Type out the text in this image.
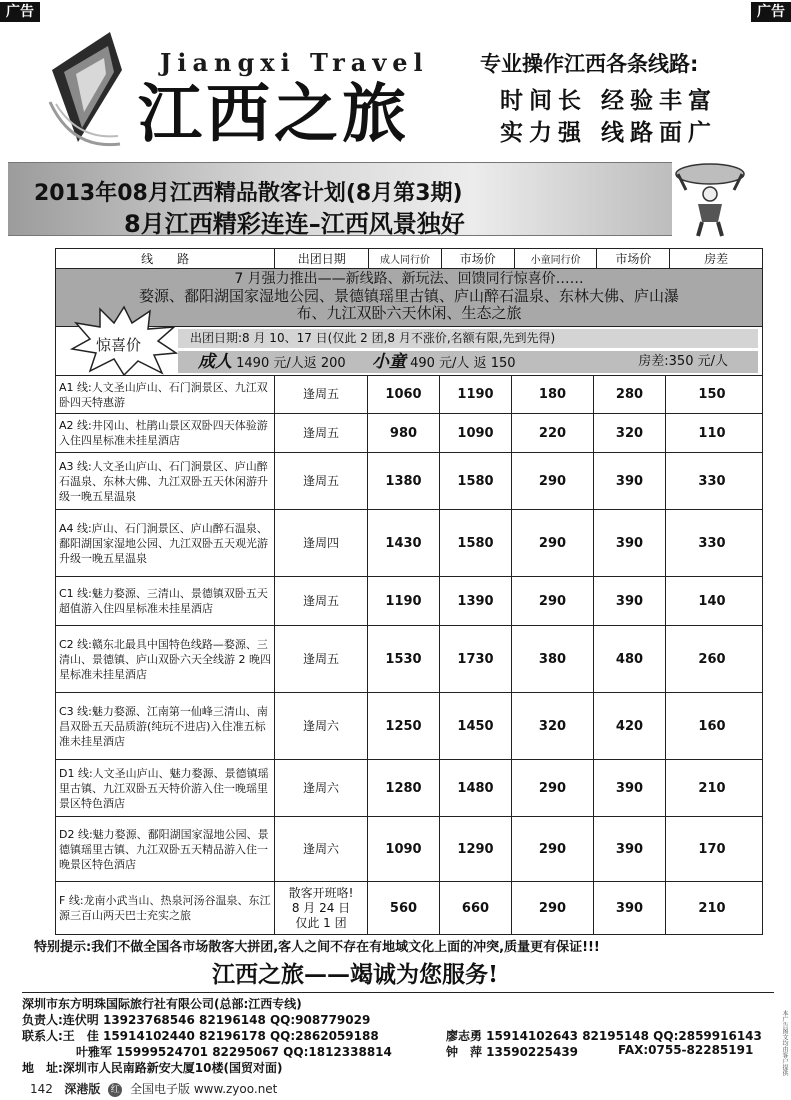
广告	广告
Jiangxi Travel
江西之旅
专业操作江西各条线路:
时间长 经验丰富
实力强 线路面广
2013年08月江西精品散客计划(8月第3期)
8月江西精彩连连–江西风景独好
线　　路	出团日期	成人同行价	市场价	小童同行价	市场价	房差
7 月强力推出——新线路、新玩法、回馈同行惊喜价……
婺源、鄱阳湖国家湿地公园、景德镇瑶里古镇、庐山醉石温泉、东林大佛、庐山瀑
布、九江双卧六天休闲、生态之旅
惊喜价	出团日期:8 月 10、17 日(仅此 2 团,8 月不涨价,名额有限,先到先得)
成人 1490 元/人返 200 小童 490 元/人 返 150	房差:350 元/人
A1 线:人文圣山庐山、石门涧景区、九江双卧四天特惠游
逢周五	1060	1190	180	280	150
A2 线:井冈山、杜鹃山景区双卧四天体验游入住四星标准未挂星酒店
逢周五	980	1090	220	320	110
A3 线:人文圣山庐山、石门涧景区、庐山醉石温泉、东林大佛、九江双卧五天休闲游升级一晚五星温泉
逢周五	1380	1580	290	390	330
A4 线:庐山、石门涧景区、庐山醉石温泉、鄱阳湖国家湿地公园、九江双卧五天观光游升级一晚五星温泉
逢周四	1430	1580	290	390	330
C1 线:魅力婺源、三清山、景德镇双卧五天超值游入住四星标准未挂星酒店
逢周五	1190	1390	290	390	140
C2 线:赣东北最具中国特色线路—婺源、三清山、景德镇、庐山双卧六天全线游 2 晚四星标准未挂星酒店
逢周五	1530	1730	380	480	260
C3 线:魅力婺源、江南第一仙峰三清山、南昌双卧五天品质游(纯玩不进店)入住准五标准未挂星酒店
逢周六	1250	1450	320	420	160
D1 线:人文圣山庐山、魅力婺源、景德镇瑶里古镇、九江双卧五天特价游入住一晚瑶里景区特色酒店
逢周六	1280	1480	290	390	210
D2 线:魅力婺源、鄱阳湖国家湿地公园、景德镇瑶里古镇、九江双卧五天精品游入住一晚景区特色酒店
逢周六	1090	1290	290	390	170
F 线:龙南小武当山、热泉河汤谷温泉、东江源三百山两天巴士充实之旅
散客开班咯!
8 月 24 日
仅此 1 团
560	660	290	390	210
特别提示:我们不做全国各市场散客大拼团,客人之间不存在有地域文化上面的冲突,质量更有保证!!!
江西之旅——竭诚为您服务!
深圳市东方明珠国际旅行社有限公司(总部:江西专线)
负责人:连伏明 13923768546 82196148 QQ:908779029
联系人:王　佳 15914102440 82196178 QQ:2862059188	廖志勇 15914102643 82195148 QQ:2859916143
叶雅军 15999524701 82295067 QQ:1812338814	钟　萍 13590225439	FAX:0755-82285191
地　址:深圳市人民南路新安大厦10楼(国贸对面)
142 深港版 红 全国电子版 www.zyoo.net
本广告图文均由客户提供
